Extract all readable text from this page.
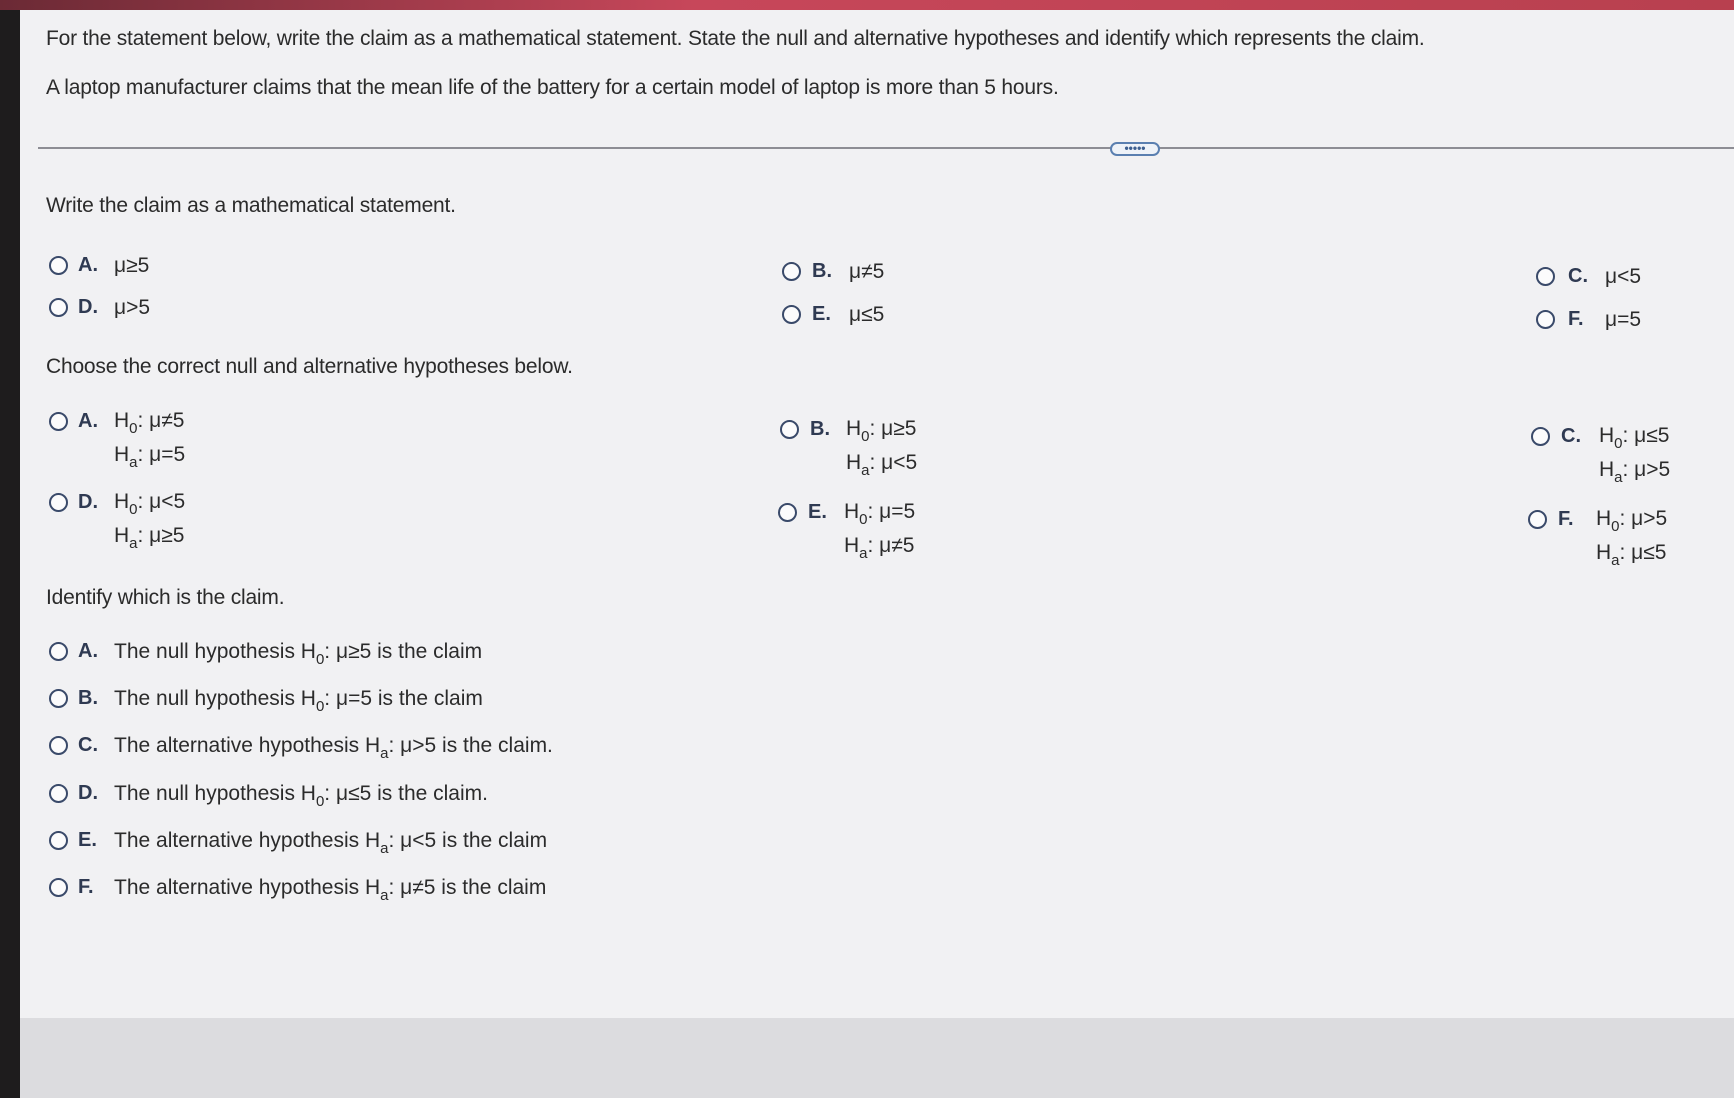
For the statement below, write the claim as a mathematical statement. State the null and alternative hypotheses and identify which represents the claim.
A laptop manufacturer claims that the mean life of the battery for a certain model of laptop is more than 5 hours.
•••••
Write the claim as a mathematical statement.
A. μ≥5	B. μ≠5	C. μ<5
D. μ>5	E. μ≤5	F. μ=5
Choose the correct null and alternative hypotheses below.
A. $H_0$: μ≠5
$H_a$: μ=5
B. $H_0$: μ≥5
$H_a$: μ<5
C. $H_0$: μ≤5
$H_a$: μ>5
D. $H_0$: μ<5
$H_a$: μ≥5
E. $H_0$: μ=5
$H_a$: μ≠5
F. $H_0$: μ>5
$H_a$: μ≤5
Identify which is the claim.
A. The null hypothesis $H_0$: μ≥5 is the claim
B. The null hypothesis $H_0$: μ=5 is the claim
C. The alternative hypothesis $H_a$: μ>5 is the claim.
D. The null hypothesis $H_0$: μ≤5 is the claim.
E. The alternative hypothesis $H_a$: μ<5 is the claim
F. The alternative hypothesis $H_a$: μ≠5 is the claim
